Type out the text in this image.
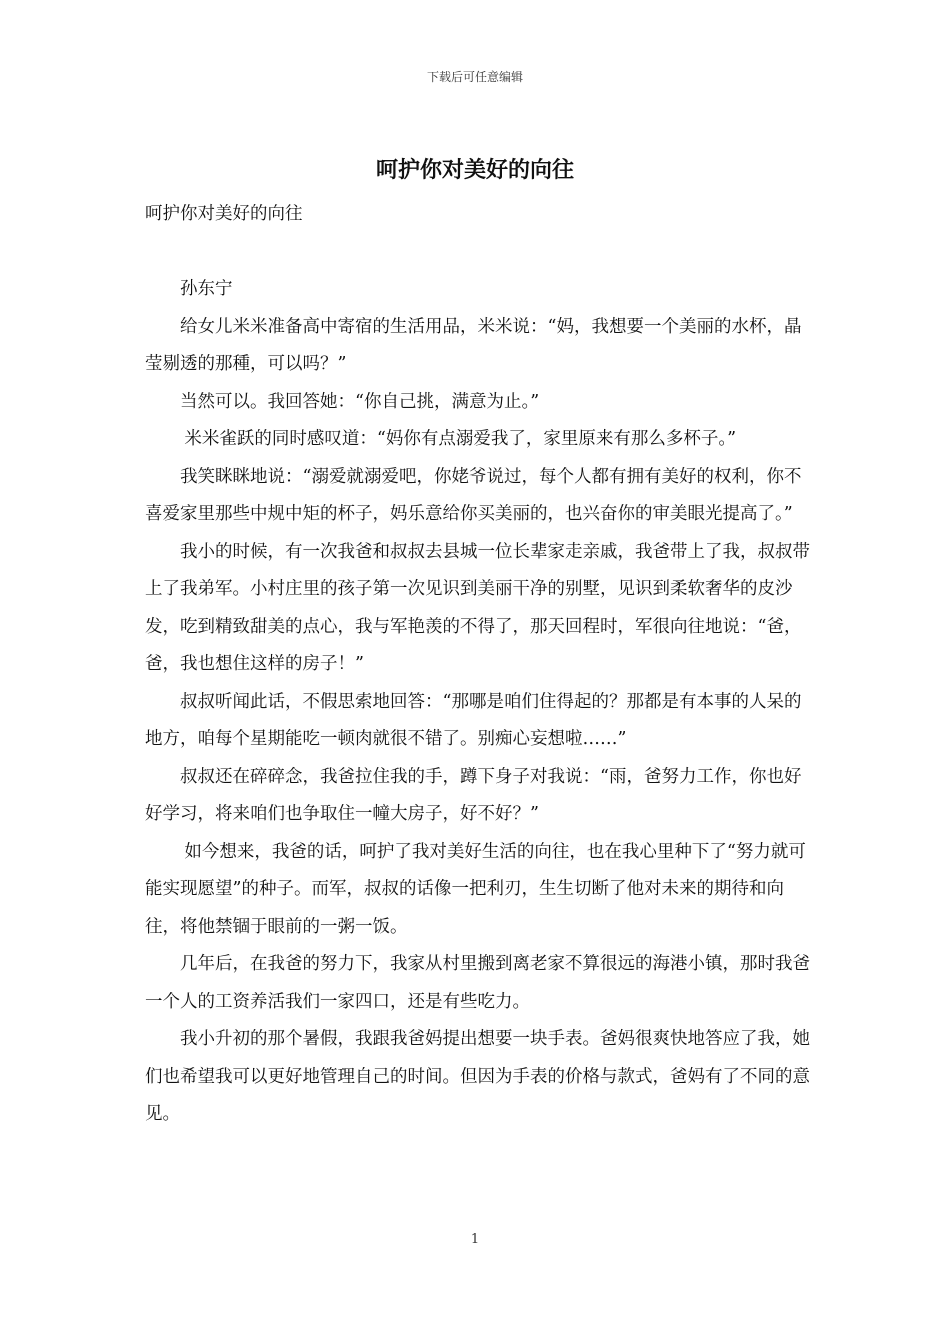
下载后可任意编辑
呵护你对美好的向往

呵护你对美好的向往

孙东宁

给女儿米米准备高中寄宿的生活用品，米米说：“妈，我想要一个美丽的水杯，晶莹剔透的那種，可以吗？”

当然可以。我回答她：“你自己挑，满意为止。”

米米雀跃的同时感叹道：“妈你有点溺爱我了，家里原来有那么多杯子。”

我笑眯眯地说：“溺爱就溺爱吧，你姥爷说过，每个人都有拥有美好的权利，你不喜爱家里那些中规中矩的杯子，妈乐意给你买美丽的，也兴奋你的审美眼光提高了。”

我小的时候，有一次我爸和叔叔去县城一位长辈家走亲戚，我爸带上了我，叔叔带上了我弟军。小村庄里的孩子第一次见识到美丽干净的别墅，见识到柔软奢华的皮沙发，吃到精致甜美的点心，我与军艳羡的不得了，那天回程时，军很向往地说：“爸，爸，我也想住这样的房子！”

叔叔听闻此话，不假思索地回答：“那哪是咱们住得起的？那都是有本事的人呆的地方，咱每个星期能吃一顿肉就很不错了。别痴心妄想啦……”

叔叔还在碎碎念，我爸拉住我的手，蹲下身子对我说：“雨，爸努力工作，你也好好学习，将来咱们也争取住一幢大房子，好不好？”

如今想来，我爸的话，呵护了我对美好生活的向往，也在我心里种下了“努力就可能实现愿望”的种子。而军，叔叔的话像一把利刃，生生切断了他对未来的期待和向往，将他禁锢于眼前的一粥一饭。

几年后，在我爸的努力下，我家从村里搬到离老家不算很远的海港小镇，那时我爸一个人的工资养活我们一家四口，还是有些吃力。

我小升初的那个暑假，我跟我爸妈提出想要一块手表。爸妈很爽快地答应了我，她们也希望我可以更好地管理自己的时间。但因为手表的价格与款式，爸妈有了不同的意见。

1
